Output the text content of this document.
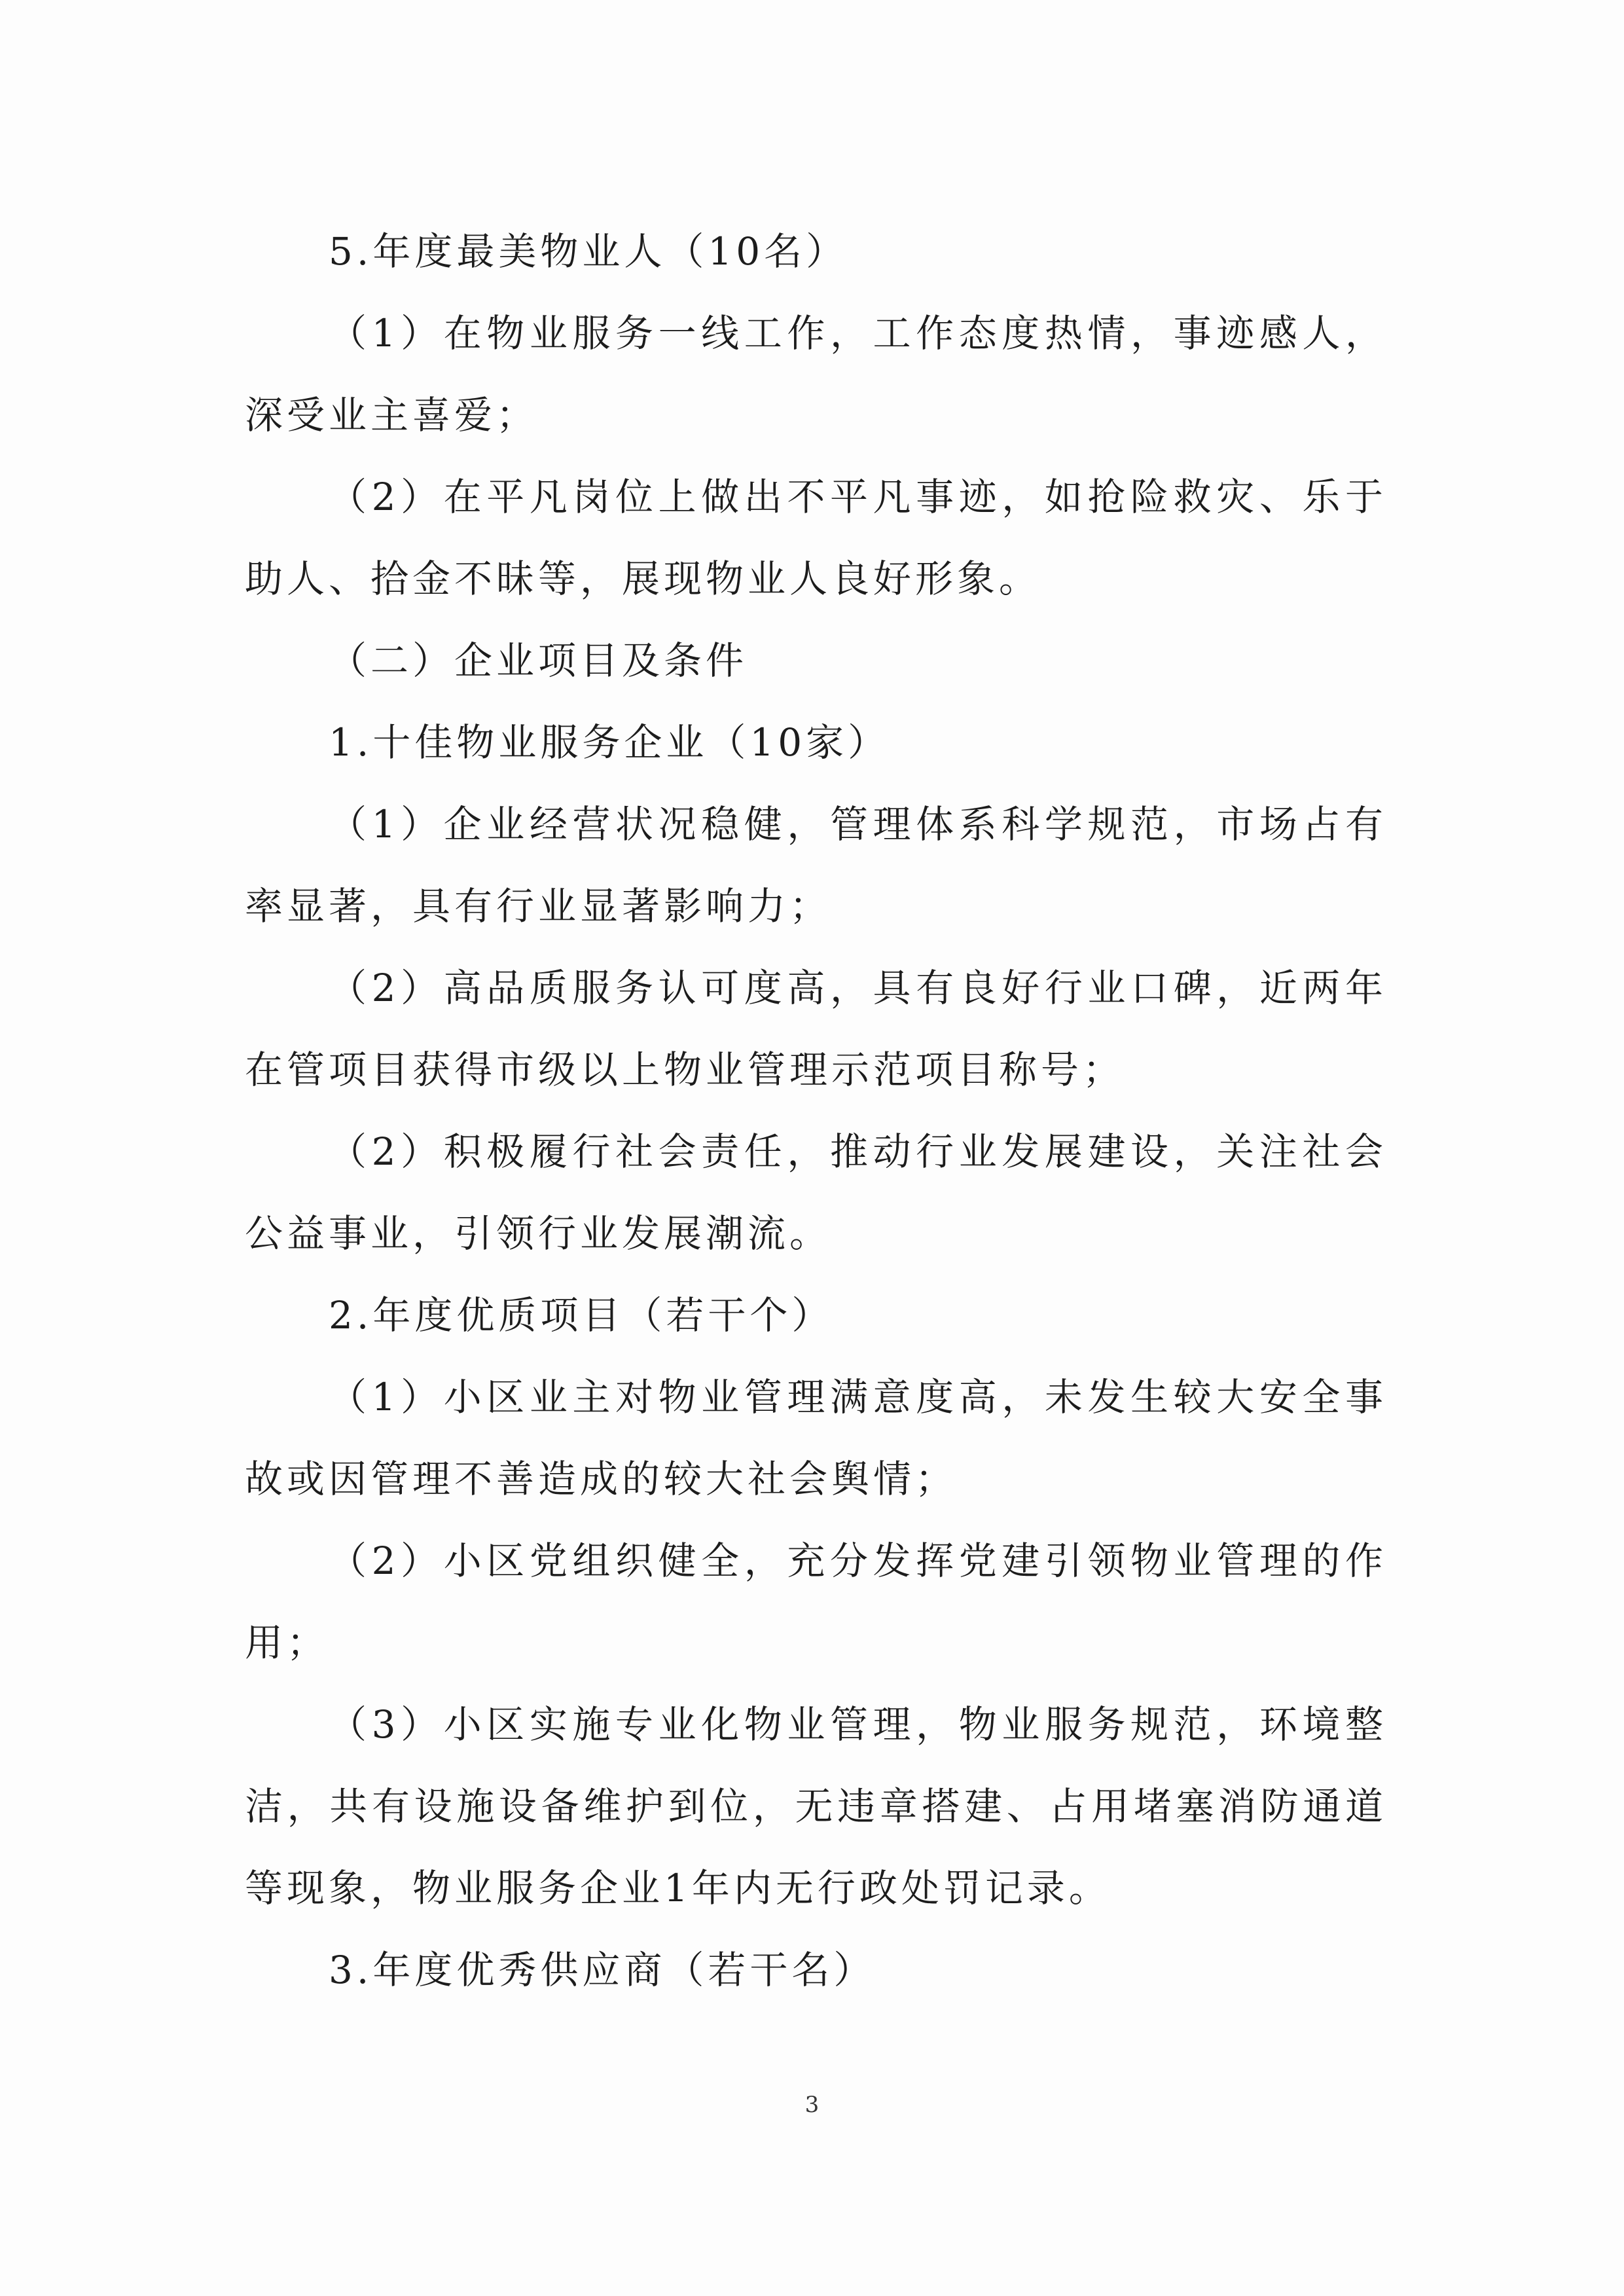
5.年度最美物业人（10名）

（1）在物业服务一线工作，工作态度热情，事迹感人，深受业主喜爱；

（2）在平凡岗位上做出不平凡事迹，如抢险救灾、乐于助人、拾金不昧等，展现物业人良好形象。

（二）企业项目及条件

1.十佳物业服务企业（10家）

（1）企业经营状况稳健，管理体系科学规范，市场占有率显著，具有行业显著影响力；

（2）高品质服务认可度高，具有良好行业口碑，近两年在管项目获得市级以上物业管理示范项目称号；

（2）积极履行社会责任，推动行业发展建设，关注社会公益事业，引领行业发展潮流。

2.年度优质项目（若干个）

（1）小区业主对物业管理满意度高，未发生较大安全事故或因管理不善造成的较大社会舆情；

（2）小区党组织健全，充分发挥党建引领物业管理的作用；

（3）小区实施专业化物业管理，物业服务规范，环境整洁，共有设施设备维护到位，无违章搭建、占用堵塞消防通道等现象，物业服务企业1年内无行政处罚记录。

3.年度优秀供应商（若干名）

3
